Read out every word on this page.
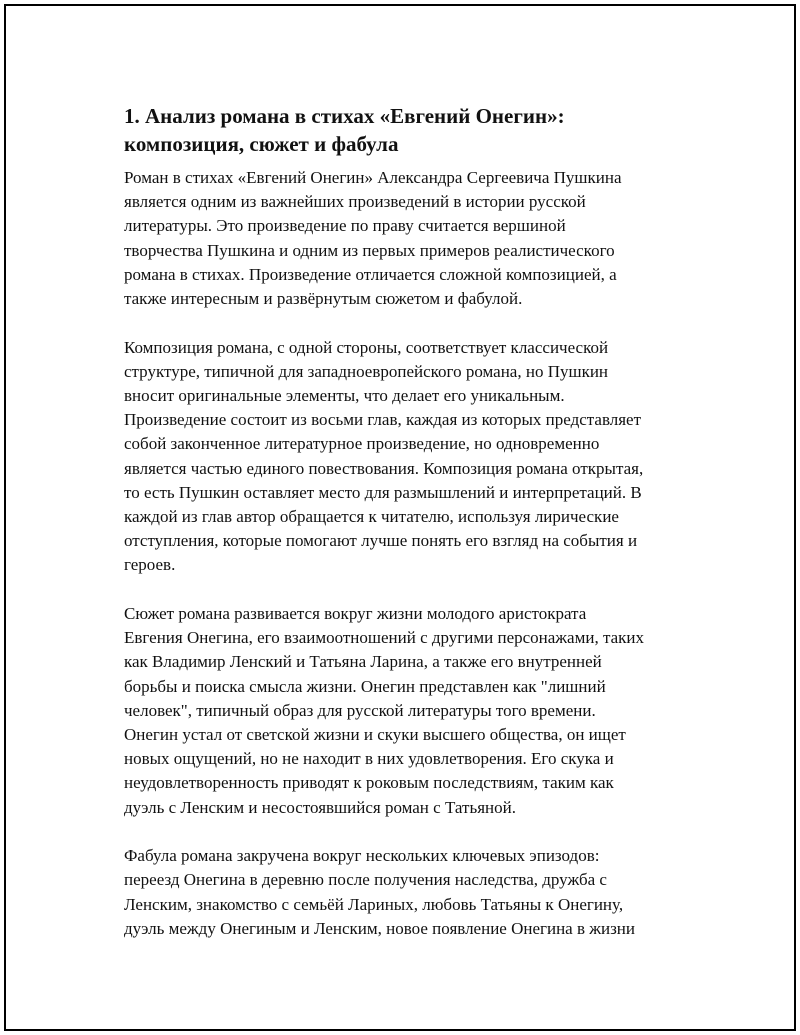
1. Анализ романа в стихах «Евгений Онегин»:
композиция, сюжет и фабула

Роман в стихах «Евгений Онегин» Александра Сергеевича Пушкина
является одним из важнейших произведений в истории русской
литературы. Это произведение по праву считается вершиной
творчества Пушкина и одним из первых примеров реалистического
романа в стихах. Произведение отличается сложной композицией, а
также интересным и развёрнутым сюжетом и фабулой.

Композиция романа, с одной стороны, соответствует классической
структуре, типичной для западноевропейского романа, но Пушкин
вносит оригинальные элементы, что делает его уникальным.
Произведение состоит из восьми глав, каждая из которых представляет
собой законченное литературное произведение, но одновременно
является частью единого повествования. Композиция романа открытая,
то есть Пушкин оставляет место для размышлений и интерпретаций. В
каждой из глав автор обращается к читателю, используя лирические
отступления, которые помогают лучше понять его взгляд на события и
героев.

Сюжет романа развивается вокруг жизни молодого аристократа
Евгения Онегина, его взаимоотношений с другими персонажами, таких
как Владимир Ленский и Татьяна Ларина, а также его внутренней
борьбы и поиска смысла жизни. Онегин представлен как "лишний
человек", типичный образ для русской литературы того времени.
Онегин устал от светской жизни и скуки высшего общества, он ищет
новых ощущений, но не находит в них удовлетворения. Его скука и
неудовлетворенность приводят к роковым последствиям, таким как
дуэль с Ленским и несостоявшийся роман с Татьяной.

Фабула романа закручена вокруг нескольких ключевых эпизодов:
переезд Онегина в деревню после получения наследства, дружба с
Ленским, знакомство с семьёй Лариных, любовь Татьяны к Онегину,
дуэль между Онегиным и Ленским, новое появление Онегина в жизни
